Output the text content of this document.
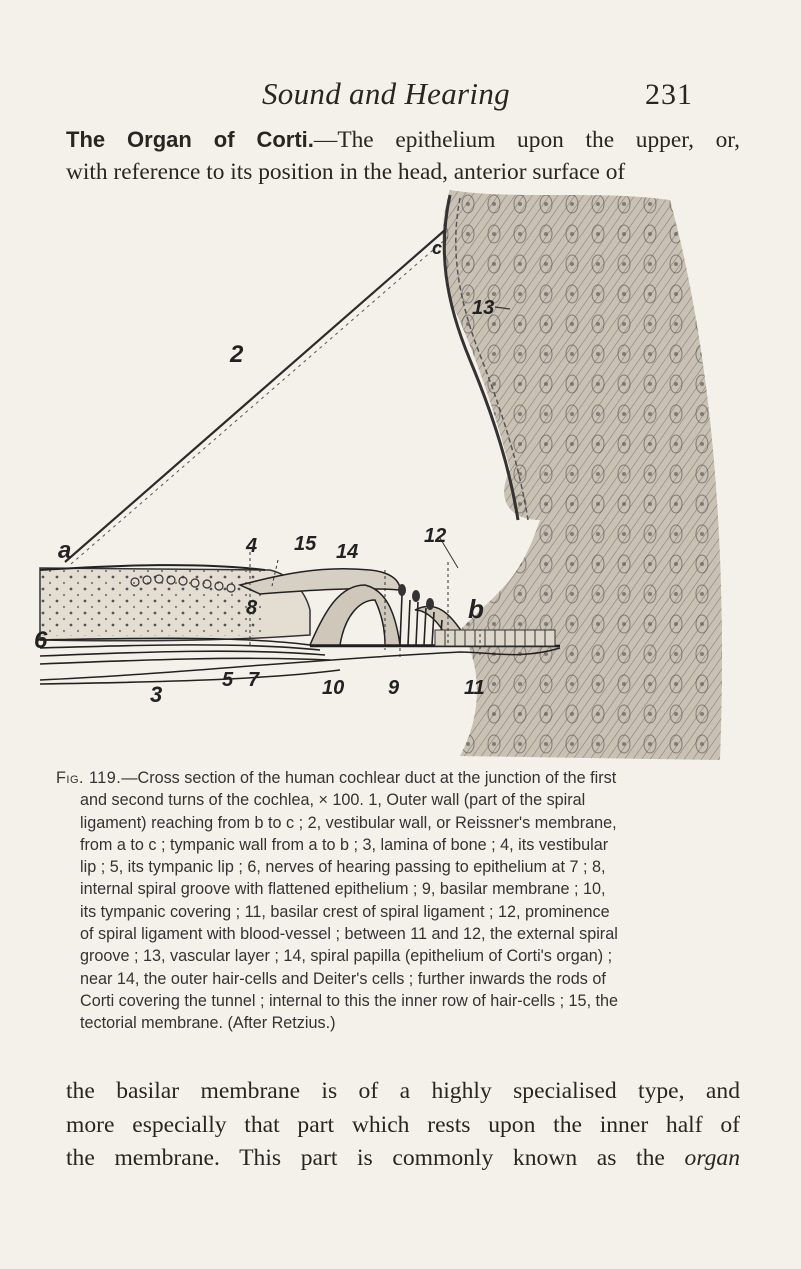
Sound and Hearing	231
The Organ of Corti.—The epithelium upon the upper, or,
with reference to its position in the head, anterior surface of
c
2
13
a	4 15 14
12
8	b
6
3
5 7	10 9	11
Fig. 119.—Cross section of the human cochlear duct at the junction of the first
and second turns of the cochlea, × 100. 1, Outer wall (part of the spiral
ligament) reaching from b to c ; 2, vestibular wall, or Reissner's membrane,
from a to c ; tympanic wall from a to b ; 3, lamina of bone ; 4, its vestibular
lip ; 5, its tympanic lip ; 6, nerves of hearing passing to epithelium at 7 ; 8,
internal spiral groove with flattened epithelium ; 9, basilar membrane ; 10,
its tympanic covering ; 11, basilar crest of spiral ligament ; 12, prominence
of spiral ligament with blood-vessel ; between 11 and 12, the external spiral
groove ; 13, vascular layer ; 14, spiral papilla (epithelium of Corti's organ) ;
near 14, the outer hair-cells and Deiter's cells ; further inwards the rods of
Corti covering the tunnel ; internal to this the inner row of hair-cells ; 15, the
tectorial membrane. (After Retzius.)
the basilar membrane is of a highly specialised type, and
more especially that part which rests upon the inner half of
the membrane. This part is commonly known as the organ
